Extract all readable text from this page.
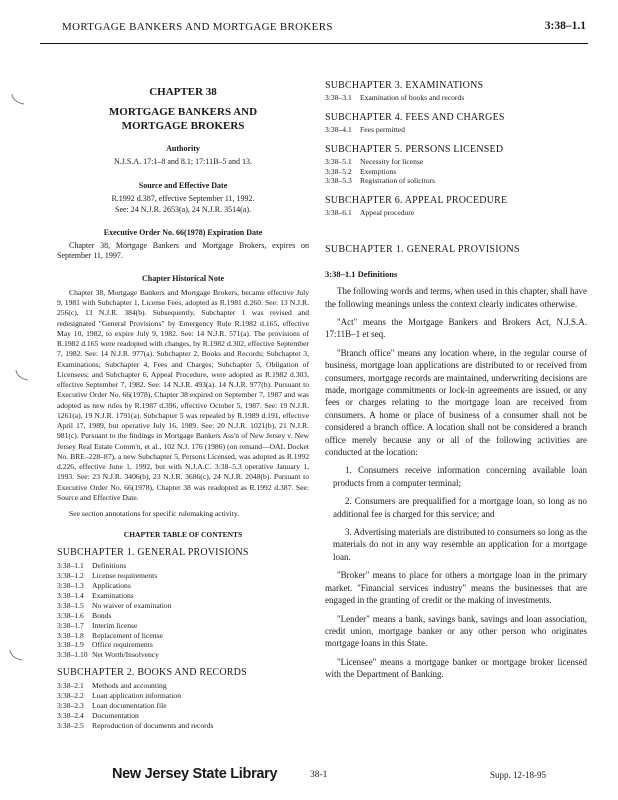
MORTGAGE BANKERS AND MORTGAGE BROKERS	3:38–1.1
CHAPTER 38
MORTGAGE BANKERS AND
MORTGAGE BROKERS
Authority
N.J.S.A. 17:1–8 and 8.1; 17:11B–5 and 13.
Source and Effective Date
R.1992 d.387, effective September 11, 1992.
See: 24 N.J.R. 2653(a), 24 N.J.R. 3514(a).
Executive Order No. 66(1978) Expiration Date
Chapter 38, Mortgage Bankers and Mortgage Brokers, expires on September 11, 1997.
Chapter Historical Note
Chapter 38, Mortgage Bankers and Mortgage Brokers, became effective July 9, 1981 with Subchapter 1, License Fees, adopted as R.1981 d.260. See: 13 N.J.R. 256(c), 13 N.J.R. 384(b). Subsequently, Subchapter 1 was revised and redesignated "General Provisions" by Emergency Rule R.1982 d.165, effective May 10, 1982, to expire July 9, 1982. See: 14 N.J.R. 571(a). The provisions of R.1982 d.165 were readopted with changes, by R.1982 d.302, effective September 7, 1982. See: 14 N.J.R. 977(a). Subchapter 2, Books and Records; Subchapter 3, Examinations; Subchapter 4, Fees and Charges; Subchapter 5, Obligation of Licensees; and Subchapter 6, Appeal Procedure, were adopted as R.1982 d.303, effective September 7, 1982. See: 14 N.J.R. 493(a). 14 N.J.R. 977(b). Pursuant to Executive Order No. 66(1978), Chapter 38 expired on September 7, 1987 and was adopted as new rules by R.1987 d.396, effective October 5, 1987. See: 19 N.J.R. 1261(a), 19 N.J.R. 1791(a). Subchapter 5 was repealed by R.1989 d.191, effective April 17, 1989, but operative July 16, 1989. See: 20 N.J.R. 1021(b), 21 N.J.R. 981(c). Pursuant to the findings in Mortgage Bankers Ass'n of New Jersey v. New Jersey Real Estate Comm'n, et al., 102 N.J. 176 (1986) (on remand—OAL Docket No. BRE–228–87), a new Subchapter 5, Persons Licensed, was adopted as R.1992 d.226, effective June 1, 1992, but with N.J.A.C. 3:38–5.3 operative January 1, 1993. See: 23 N.J.R. 3406(b), 23 N.J.R. 3686(c), 24 N.J.R. 2048(b). Pursuant to Executive Order No. 66(1978), Chapter 38 was readopted as R.1992 d.387. See: Source and Effective Date.
See section annotations for specific rulemaking activity.
CHAPTER TABLE OF CONTENTS
SUBCHAPTER 1. GENERAL PROVISIONS
3:38–1.1	Definitions
3:38–1.2	License requirements
3:38–1.3	Applications
3:38–1.4	Examinations
3:38–1.5	No waiver of examination
3:38–1.6	Bonds
3:38–1.7	Interim license
3:38–1.8	Replacement of license
3:38–1.9	Office requirements
3:38–1.10 Net Worth/Insolvency
SUBCHAPTER 2. BOOKS AND RECORDS
3:38–2.1	Methods and accounting
3:38–2.2	Loan application information
3:38–2.3	Loan documentation file
3:38–2.4	Documentation
3:38–2.5	Reproduction of documents and records
SUBCHAPTER 3. EXAMINATIONS
3:38–3.1	Examination of books and records
SUBCHAPTER 4. FEES AND CHARGES
3:38–4.1	Fees permitted
SUBCHAPTER 5. PERSONS LICENSED
3:38–5.1	Necessity for license
3:38–5.2	Exemptions
3:38–5.3	Registration of solicitors
SUBCHAPTER 6. APPEAL PROCEDURE
3:38–6.1	Appeal procedure
SUBCHAPTER 1. GENERAL PROVISIONS
3:38–1.1 Definitions
The following words and terms, when used in this chapter, shall have the following meanings unless the context clearly indicates otherwise.
"Act" means the Mortgage Bankers and Brokers Act, N.J.S.A. 17:11B–1 et seq.
"Branch office" means any location where, in the regular course of business, mortgage loan applications are distributed to or received from consumers, mortgage records are maintained, underwriting decisions are made, mortgage commitments or lock-in agreements are issued, or any fees or charges relating to the mortgage loan are received from consumers. A home or place of business of a consumer shall not be considered a branch office. A location shall not be considered a branch office merely because any or all of the following activities are conducted at the location:
1. Consumers receive information concerning available loan products from a computer terminal;
2. Consumers are prequalified for a mortgage loan, so long as no additional fee is charged for this service; and
3. Advertising materials are distributed to consumers so long as the materials do not in any way resemble an application for a mortgage loan.
"Broker" means to place for others a mortgage loan in the primary market. "Financial services industry" means the businesses that are engaged in the granting of credit or the making of investments.
"Lender" means a bank, savings bank, savings and loan association, credit union, mortgage banker or any other person who originates mortgage loans in this State.
"Licensee" means a mortgage banker or mortgage broker licensed with the Department of Banking.
New Jersey State Library	38-1	Supp. 12-18-95
